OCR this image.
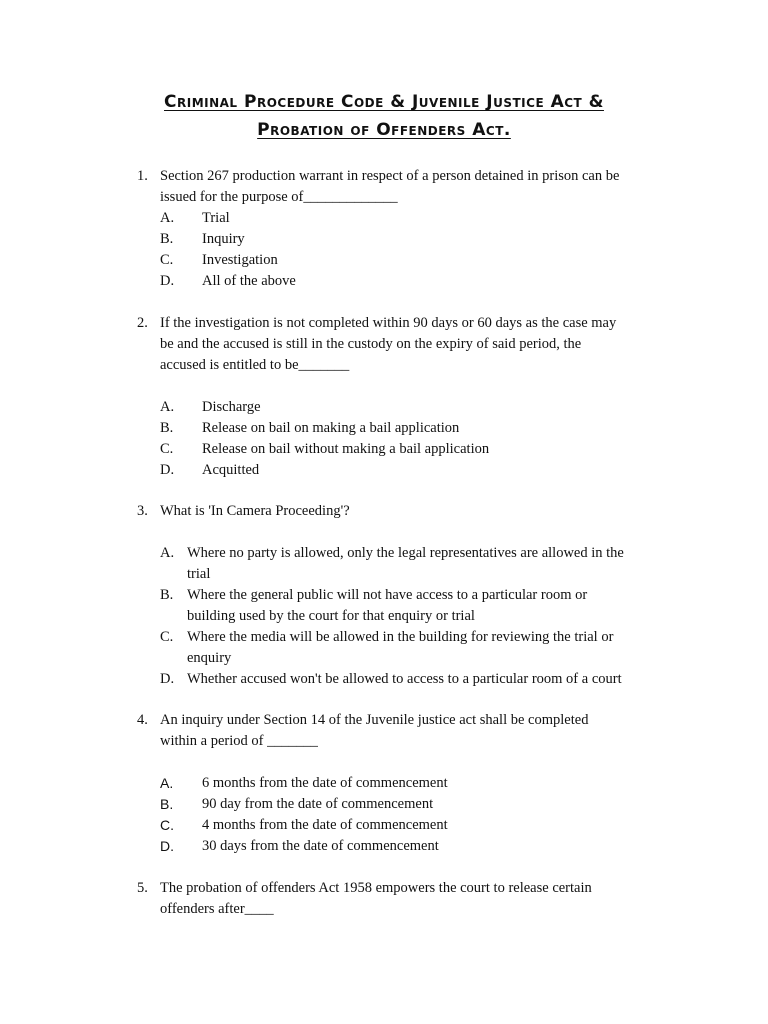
Criminal Procedure Code & Juvenile Justice Act &
Probation of Offenders Act.
1. Section 267 production warrant in respect of a person detained in prison can be
issued for the purpose of_____________
A.	Trial
B.	Inquiry
C.	Investigation
D.	All of the above
2. If the investigation is not completed within 90 days or 60 days as the case may
be and the accused is still in the custody on the expiry of said period, the
accused is entitled to be_______
A.	Discharge
B.	Release on bail on making a bail application
C.	Release on bail without making a bail application
D.	Acquitted
3. What is 'In Camera Proceeding'?
A. Where no party is allowed, only the legal representatives are allowed in the
trial
B. Where the general public will not have access to a particular room or
building used by the court for that enquiry or trial
C. Where the media will be allowed in the building for reviewing the trial or
enquiry
D. Whether accused won't be allowed to access to a particular room of a court
4. An inquiry under Section 14 of the Juvenile justice act shall be completed
within a period of _______
A.	6 months from the date of commencement
B.	90 day from the date of commencement
C.	4 months from the date of commencement
D.	30 days from the date of commencement
5. The probation of offenders Act 1958 empowers the court to release certain
offenders after____
